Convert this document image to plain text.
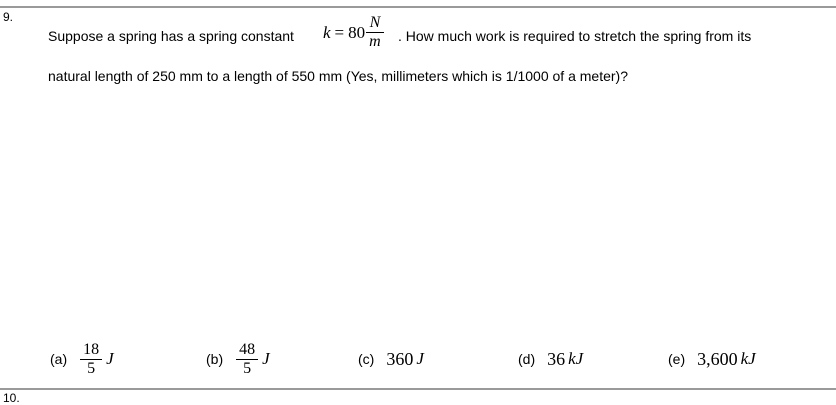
9.
Suppose a spring has a spring constant $k = 80 \frac{N}{m}$ . How much work is required to stretch the spring from its
natural length of 250 mm to a length of 550 mm (Yes, millimeters which is 1/1000 of a meter)?
$(a) \frac{18}{5}$ J	$(b) \frac{48}{5}$ J	(c) 360 J	(d) 36 kJ	(e) 3,600 kJ
10.
